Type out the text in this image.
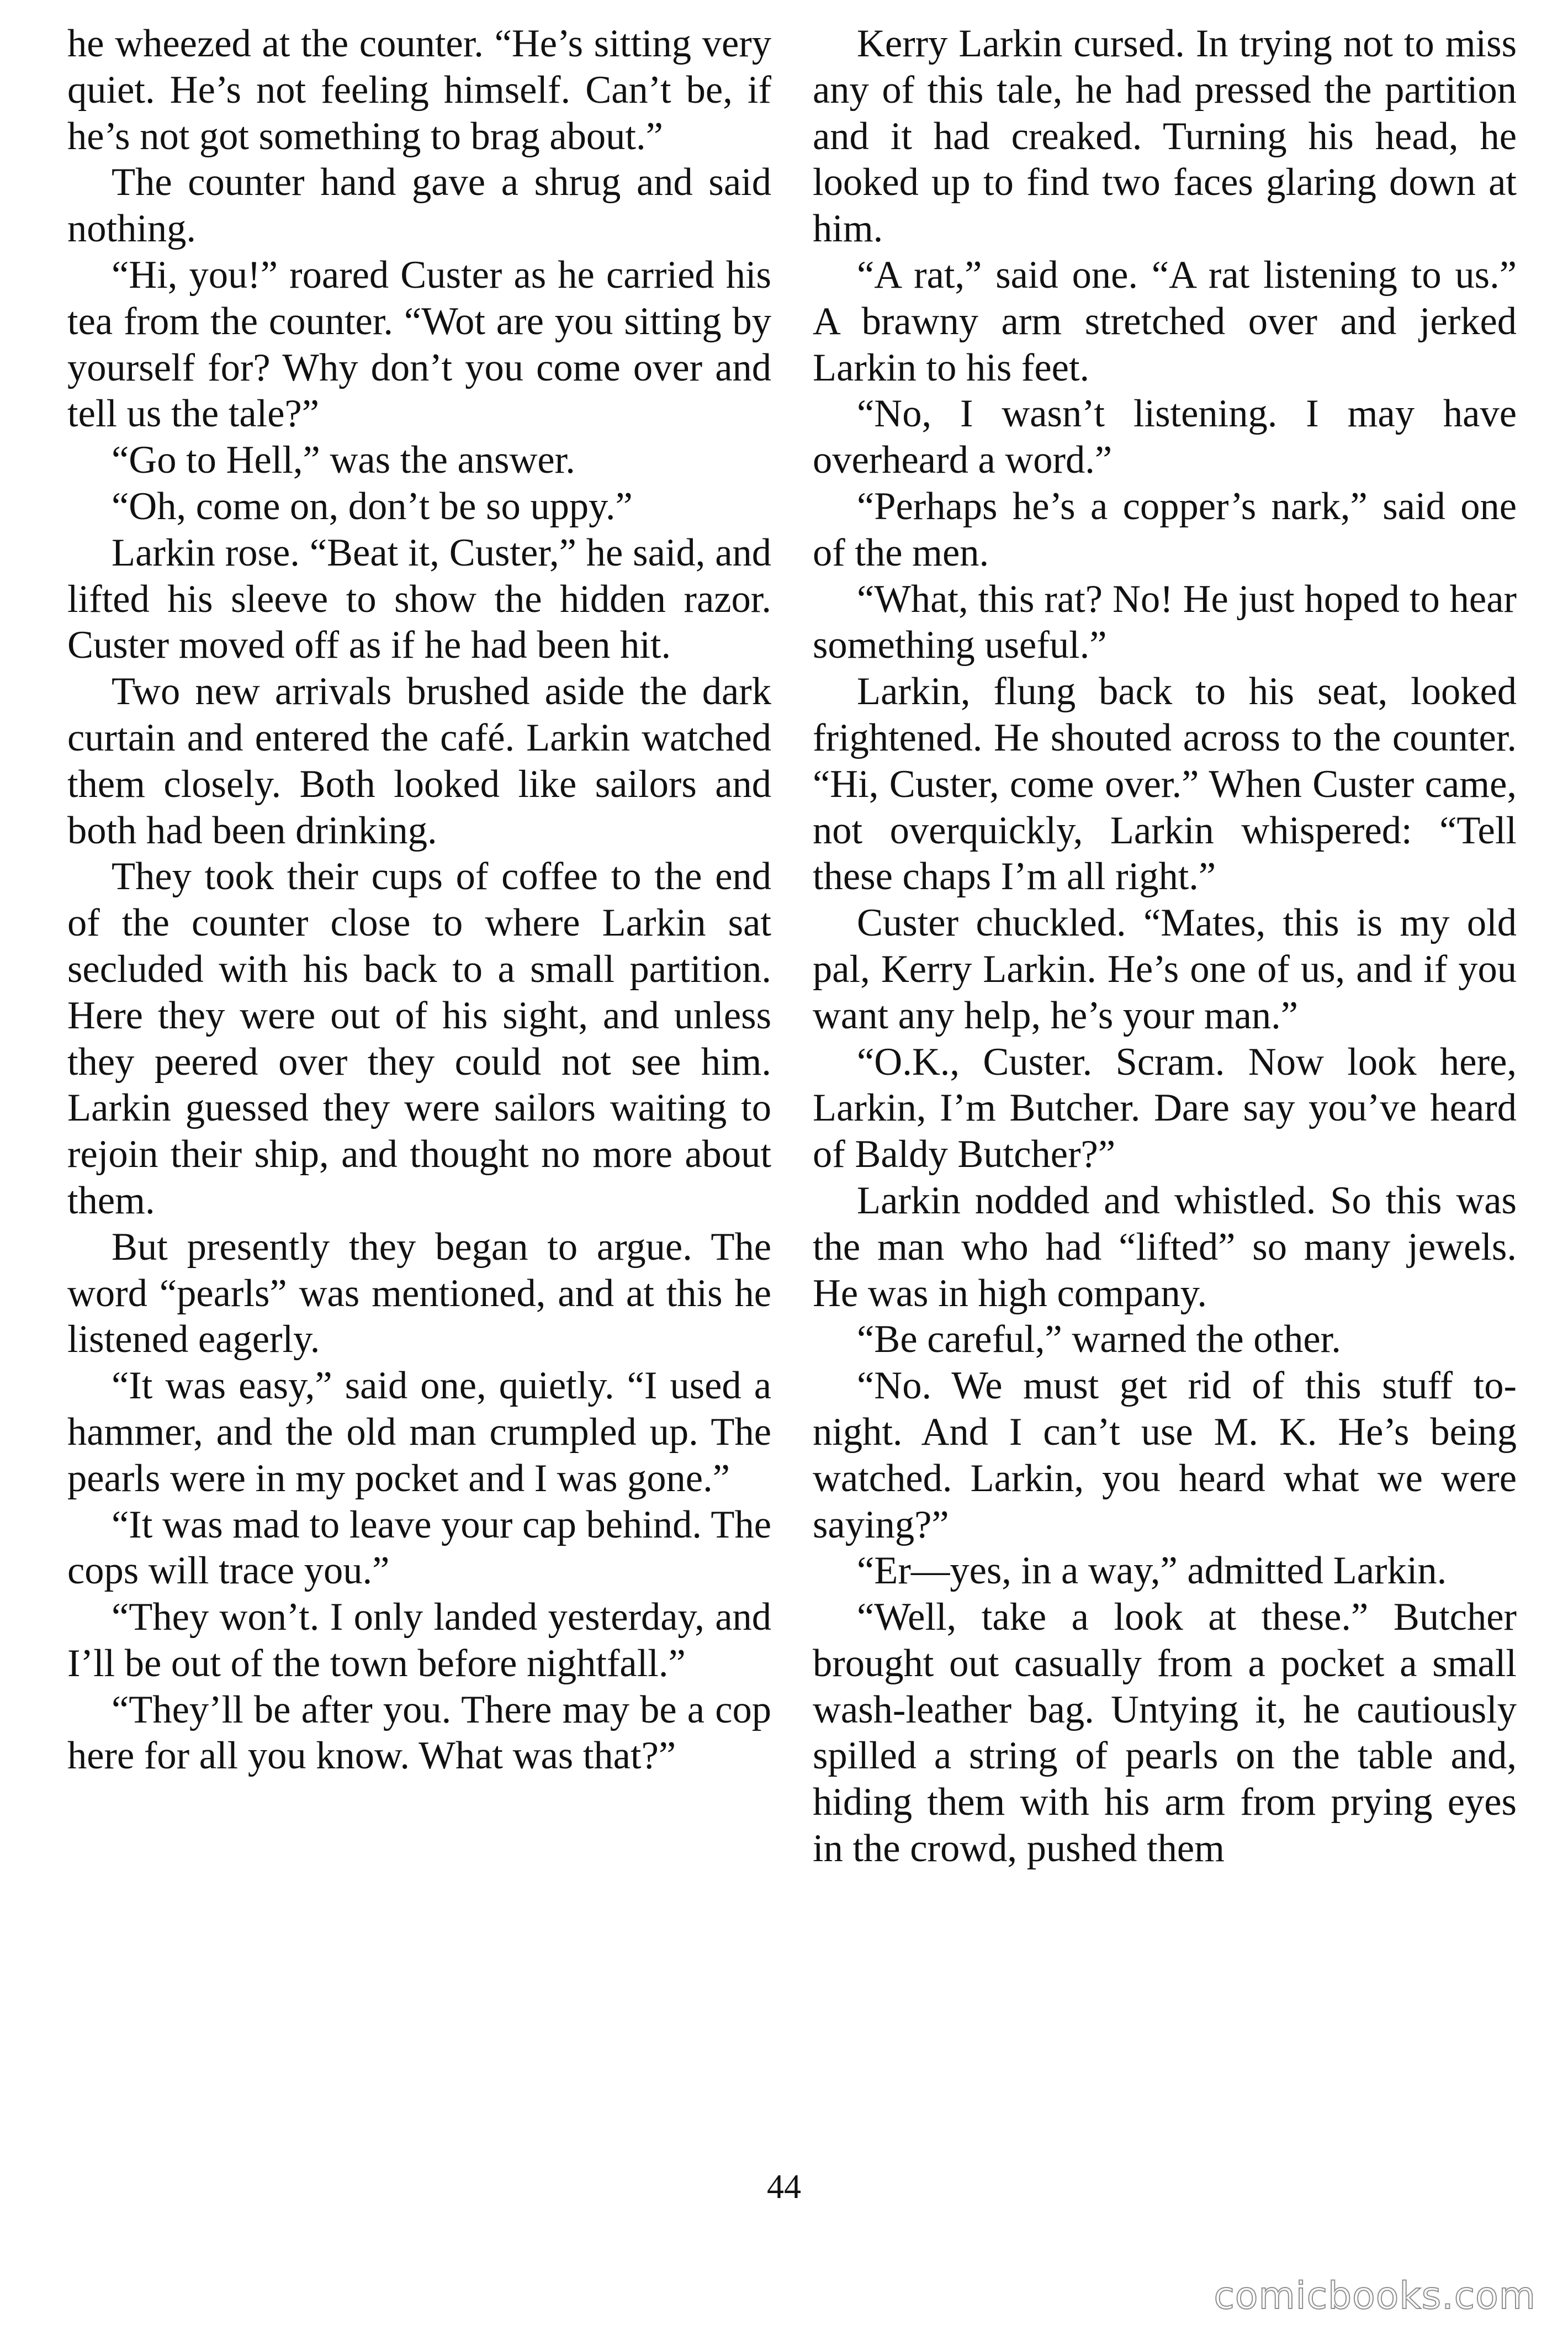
he wheezed at the counter. “He’s sitting very quiet. He’s not feeling himself. Can’t be, if he’s not got something to brag about.”

The counter hand gave a shrug and said nothing.

“Hi, you!” roared Custer as he carried his tea from the counter. “Wot are you sitting by yourself for? Why don’t you come over and tell us the tale?”

“Go to Hell,” was the answer.

“Oh, come on, don’t be so uppy.”

Larkin rose. “Beat it, Custer,” he said, and lifted his sleeve to show the hidden razor. Custer moved off as if he had been hit.

Two new arrivals brushed aside the dark curtain and entered the café. Larkin watched them closely. Both looked like sailors and both had been drinking.

They took their cups of coffee to the end of the counter close to where Larkin sat secluded with his back to a small partition. Here they were out of his sight, and unless they peered over they could not see him. Larkin guessed they were sailors waiting to rejoin their ship, and thought no more about them.

But presently they began to argue. The word “pearls” was mentioned, and at this he listened eagerly.

“It was easy,” said one, quietly. “I used a hammer, and the old man crumpled up. The pearls were in my pocket and I was gone.”

“It was mad to leave your cap behind. The cops will trace you.”

“They won’t. I only landed yesterday, and I’ll be out of the town before nightfall.”

“They’ll be after you. There may be a cop here for all you know. What was that?”

Kerry Larkin cursed. In trying not to miss any of this tale, he had pressed the partition and it had creaked. Turning his head, he looked up to find two faces glaring down at him.

“A rat,” said one. “A rat listening to us.” A brawny arm stretched over and jerked Larkin to his feet.

“No, I wasn’t listening. I may have overheard a word.”

“Perhaps he’s a copper’s nark,” said one of the men.

“What, this rat? No! He just hoped to hear something useful.”

Larkin, flung back to his seat, looked frightened. He shouted across to the counter. “Hi, Custer, come over.” When Custer came, not overquickly, Larkin whispered: “Tell these chaps I’m all right.”

Custer chuckled. “Mates, this is my old pal, Kerry Larkin. He’s one of us, and if you want any help, he’s your man.”

“O.K., Custer. Scram. Now look here, Larkin, I’m Butcher. Dare say you’ve heard of Baldy Butcher?”

Larkin nodded and whistled. So this was the man who had “lifted” so many jewels. He was in high company.

“Be careful,” warned the other.

“No. We must get rid of this stuff to-night. And I can’t use M. K. He’s being watched. Larkin, you heard what we were saying?”

“Er—yes, in a way,” admitted Larkin.

“Well, take a look at these.” Butcher brought out casually from a pocket a small wash-leather bag. Untying it, he cautiously spilled a string of pearls on the table and, hiding them with his arm from prying eyes in the crowd, pushed them

44
comicbooks.com
